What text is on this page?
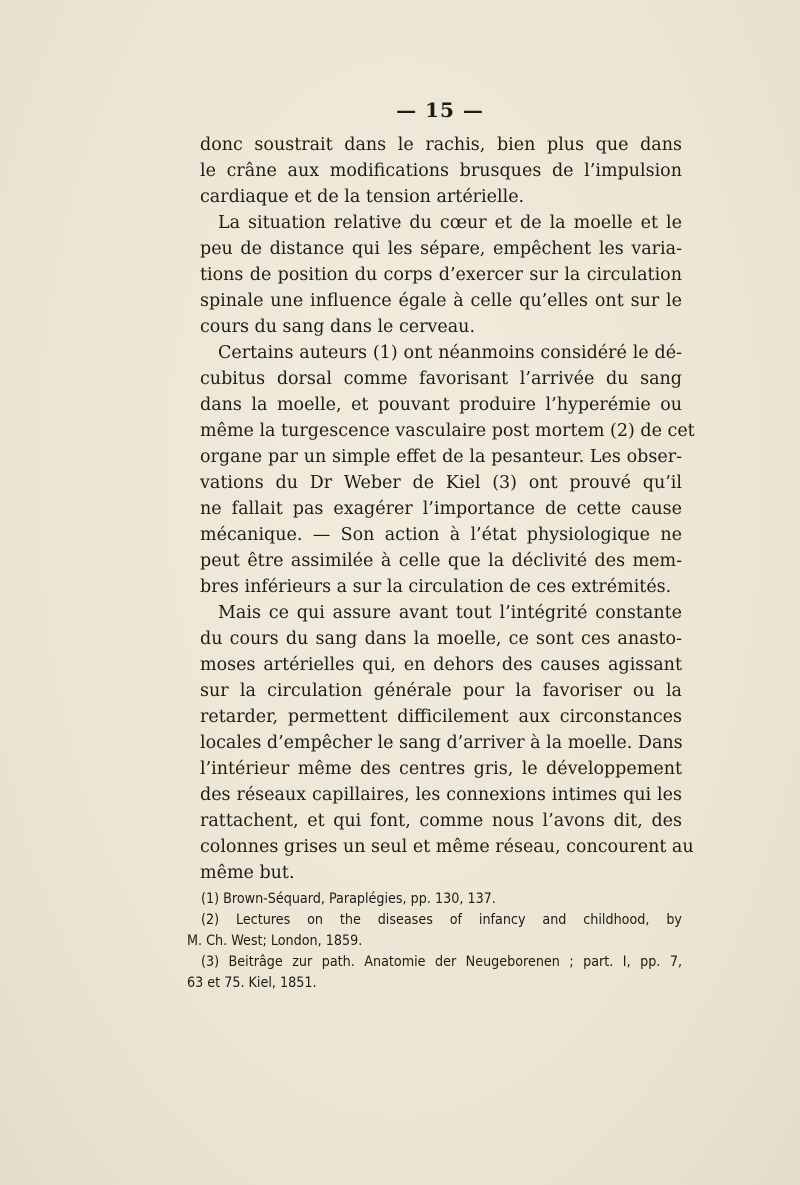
— 15 —
donc soustrait dans le rachis, bien plus que dans
le crâne aux modifications brusques de l’impulsion
cardiaque et de la tension artérielle.
La situation relative du cœur et de la moelle et le
peu de distance qui les sépare, empêchent les varia-
tions de position du corps d’exercer sur la circulation
spinale une influence égale à celle qu’elles ont sur le
cours du sang dans le cerveau.
Certains auteurs (1) ont néanmoins considéré le dé-
cubitus dorsal comme favorisant l’arrivée du sang
dans la moelle, et pouvant produire l’hyperémie ou
même la turgescence vasculaire post mortem (2) de cet
organe par un simple effet de la pesanteur. Les obser-
vations du Dr Weber de Kiel (3) ont prouvé qu’il
ne fallait pas exagérer l’importance de cette cause
mécanique. — Son action à l’état physiologique ne
peut être assimilée à celle que la déclivité des mem-
bres inférieurs a sur la circulation de ces extrémités.
Mais ce qui assure avant tout l’intégrité constante
du cours du sang dans la moelle, ce sont ces anasto-
moses artérielles qui, en dehors des causes agissant
sur la circulation générale pour la favoriser ou la
retarder, permettent difficilement aux circonstances
locales d’empêcher le sang d’arriver à la moelle. Dans
l’intérieur même des centres gris, le développement
des réseaux capillaires, les connexions intimes qui les
rattachent, et qui font, comme nous l’avons dit, des
colonnes grises un seul et même réseau, concourent au
même but.
(1) Brown-Séquard, Paraplégies, pp. 130, 137.
(2) Lectures on the diseases of infancy and childhood, by
M. Ch. West; London, 1859.
(3) Beitrâge zur path. Anatomie der Neugeborenen ; part. I, pp. 7,
63 et 75. Kiel, 1851.
